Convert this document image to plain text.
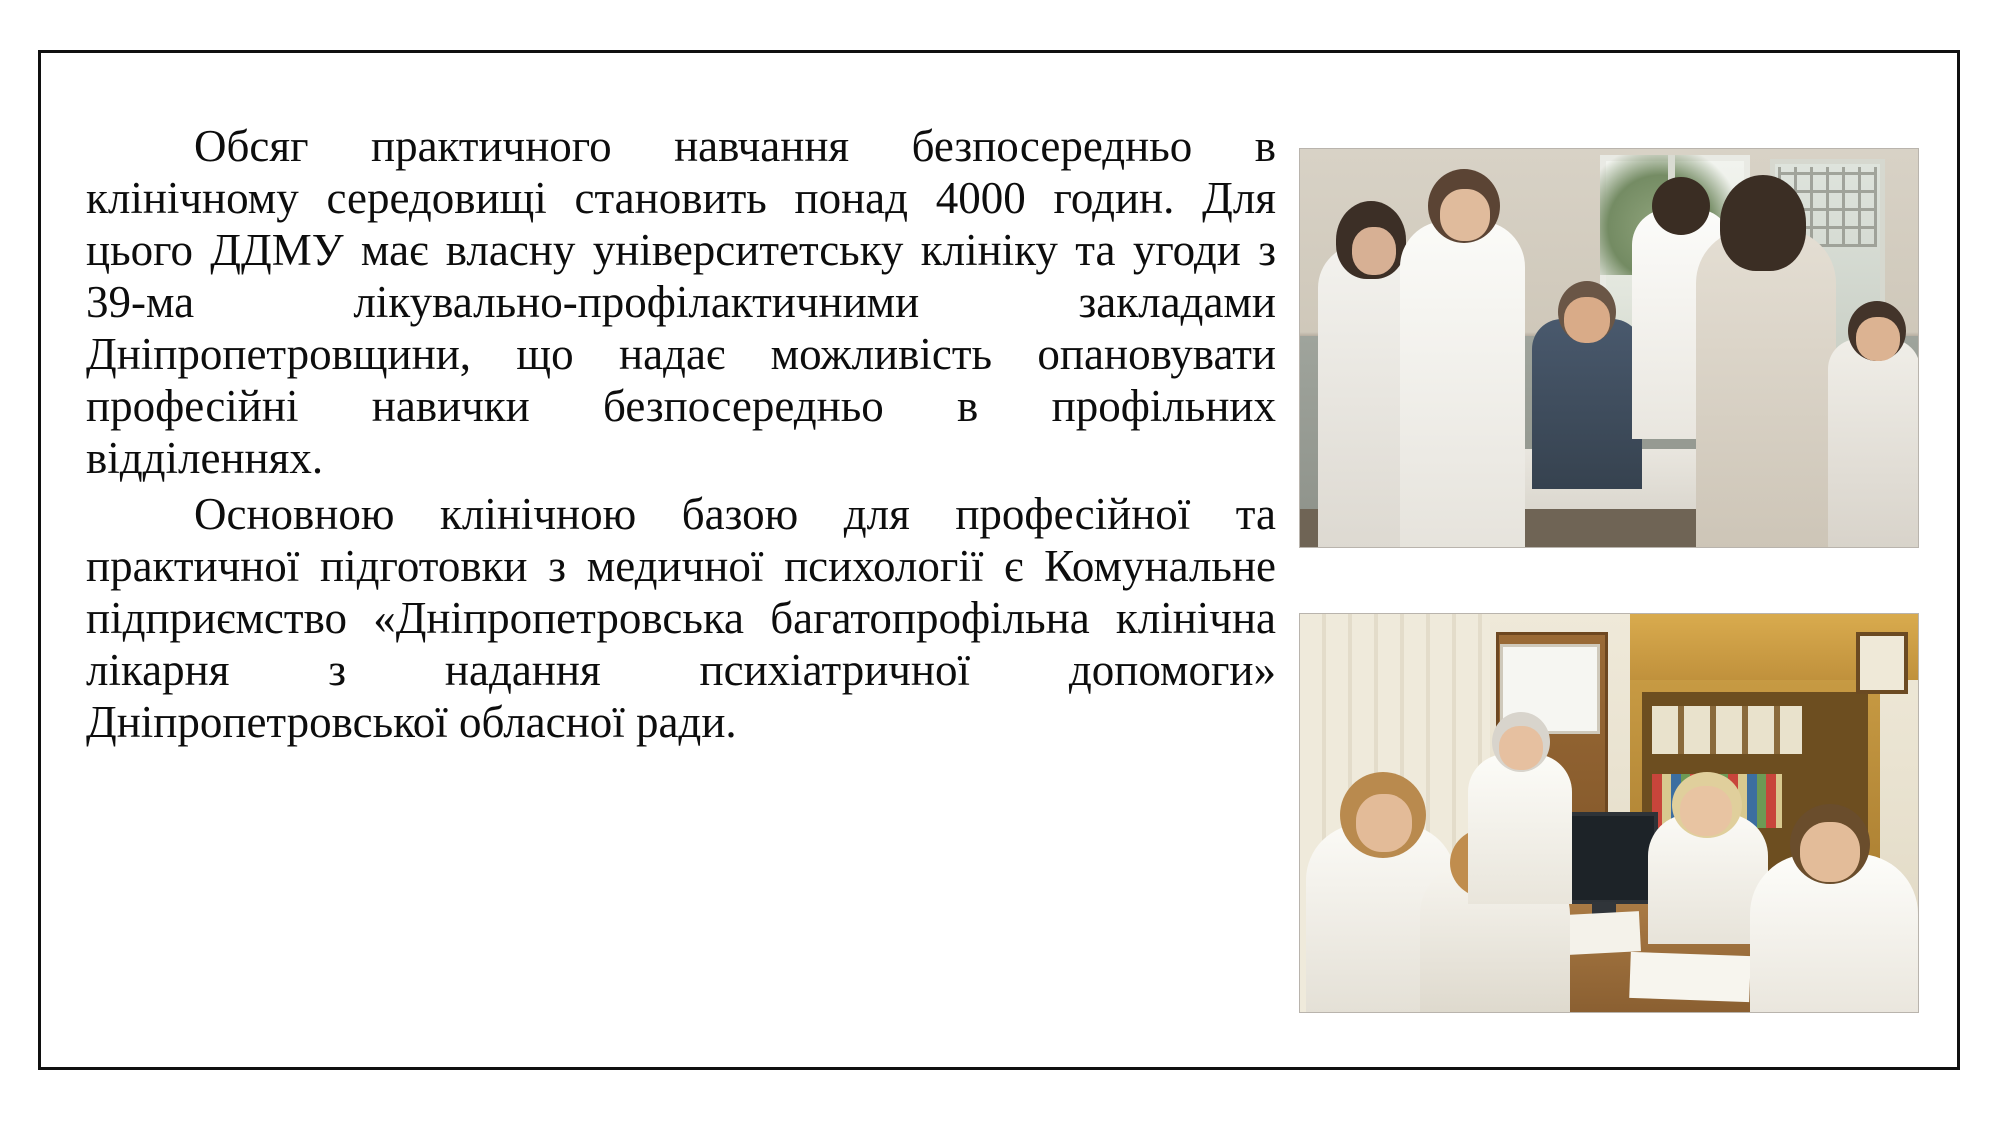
Обсяг практичного навчання безпосередньо в клінічному середовищі становить понад 4000 годин. Для цього ДДМУ має власну університетську клініку та угоди з 39-ма лікувально-профілактичними закладами Дніпропетровщини, що надає можливість опановувати професійні навички безпосередньо в профільних відділеннях.

Основною клінічною базою для професійної та практичної підготовки з медичної психології є Комунальне підприємство «Дніпропетровська багатопрофільна клінічна лікарня з надання психіатричної допомоги» Дніпропетровської обласної ради.
